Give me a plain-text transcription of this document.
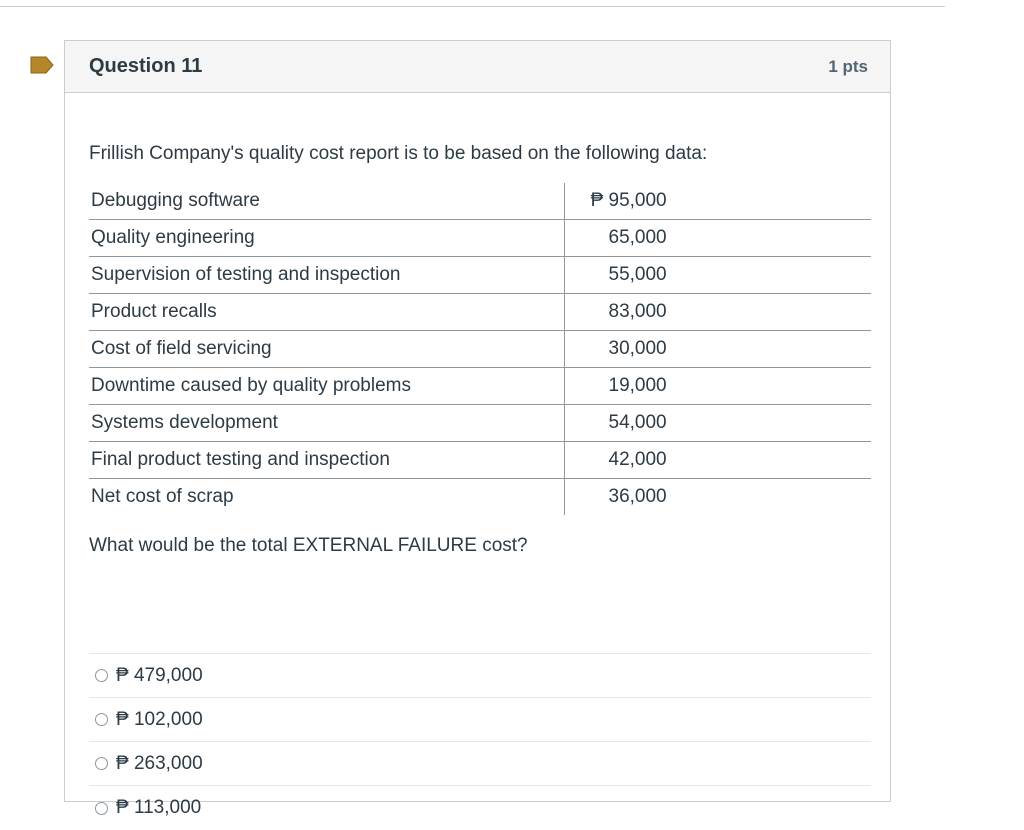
Question 11	1 pts
Frillish Company's quality cost report is to be based on the following data:
Debugging software	₱ 95,000	
Quality engineering	65,000	
Supervision of testing and inspection	55,000	
Product recalls	83,000	
Cost of field servicing	30,000	
Downtime caused by quality problems	19,000	
Systems development	54,000	
Final product testing and inspection	42,000	
Net cost of scrap	36,000	
What would be the total EXTERNAL FAILURE cost?
₱ 479,000
₱ 102,000
₱ 263,000
₱ 113,000
